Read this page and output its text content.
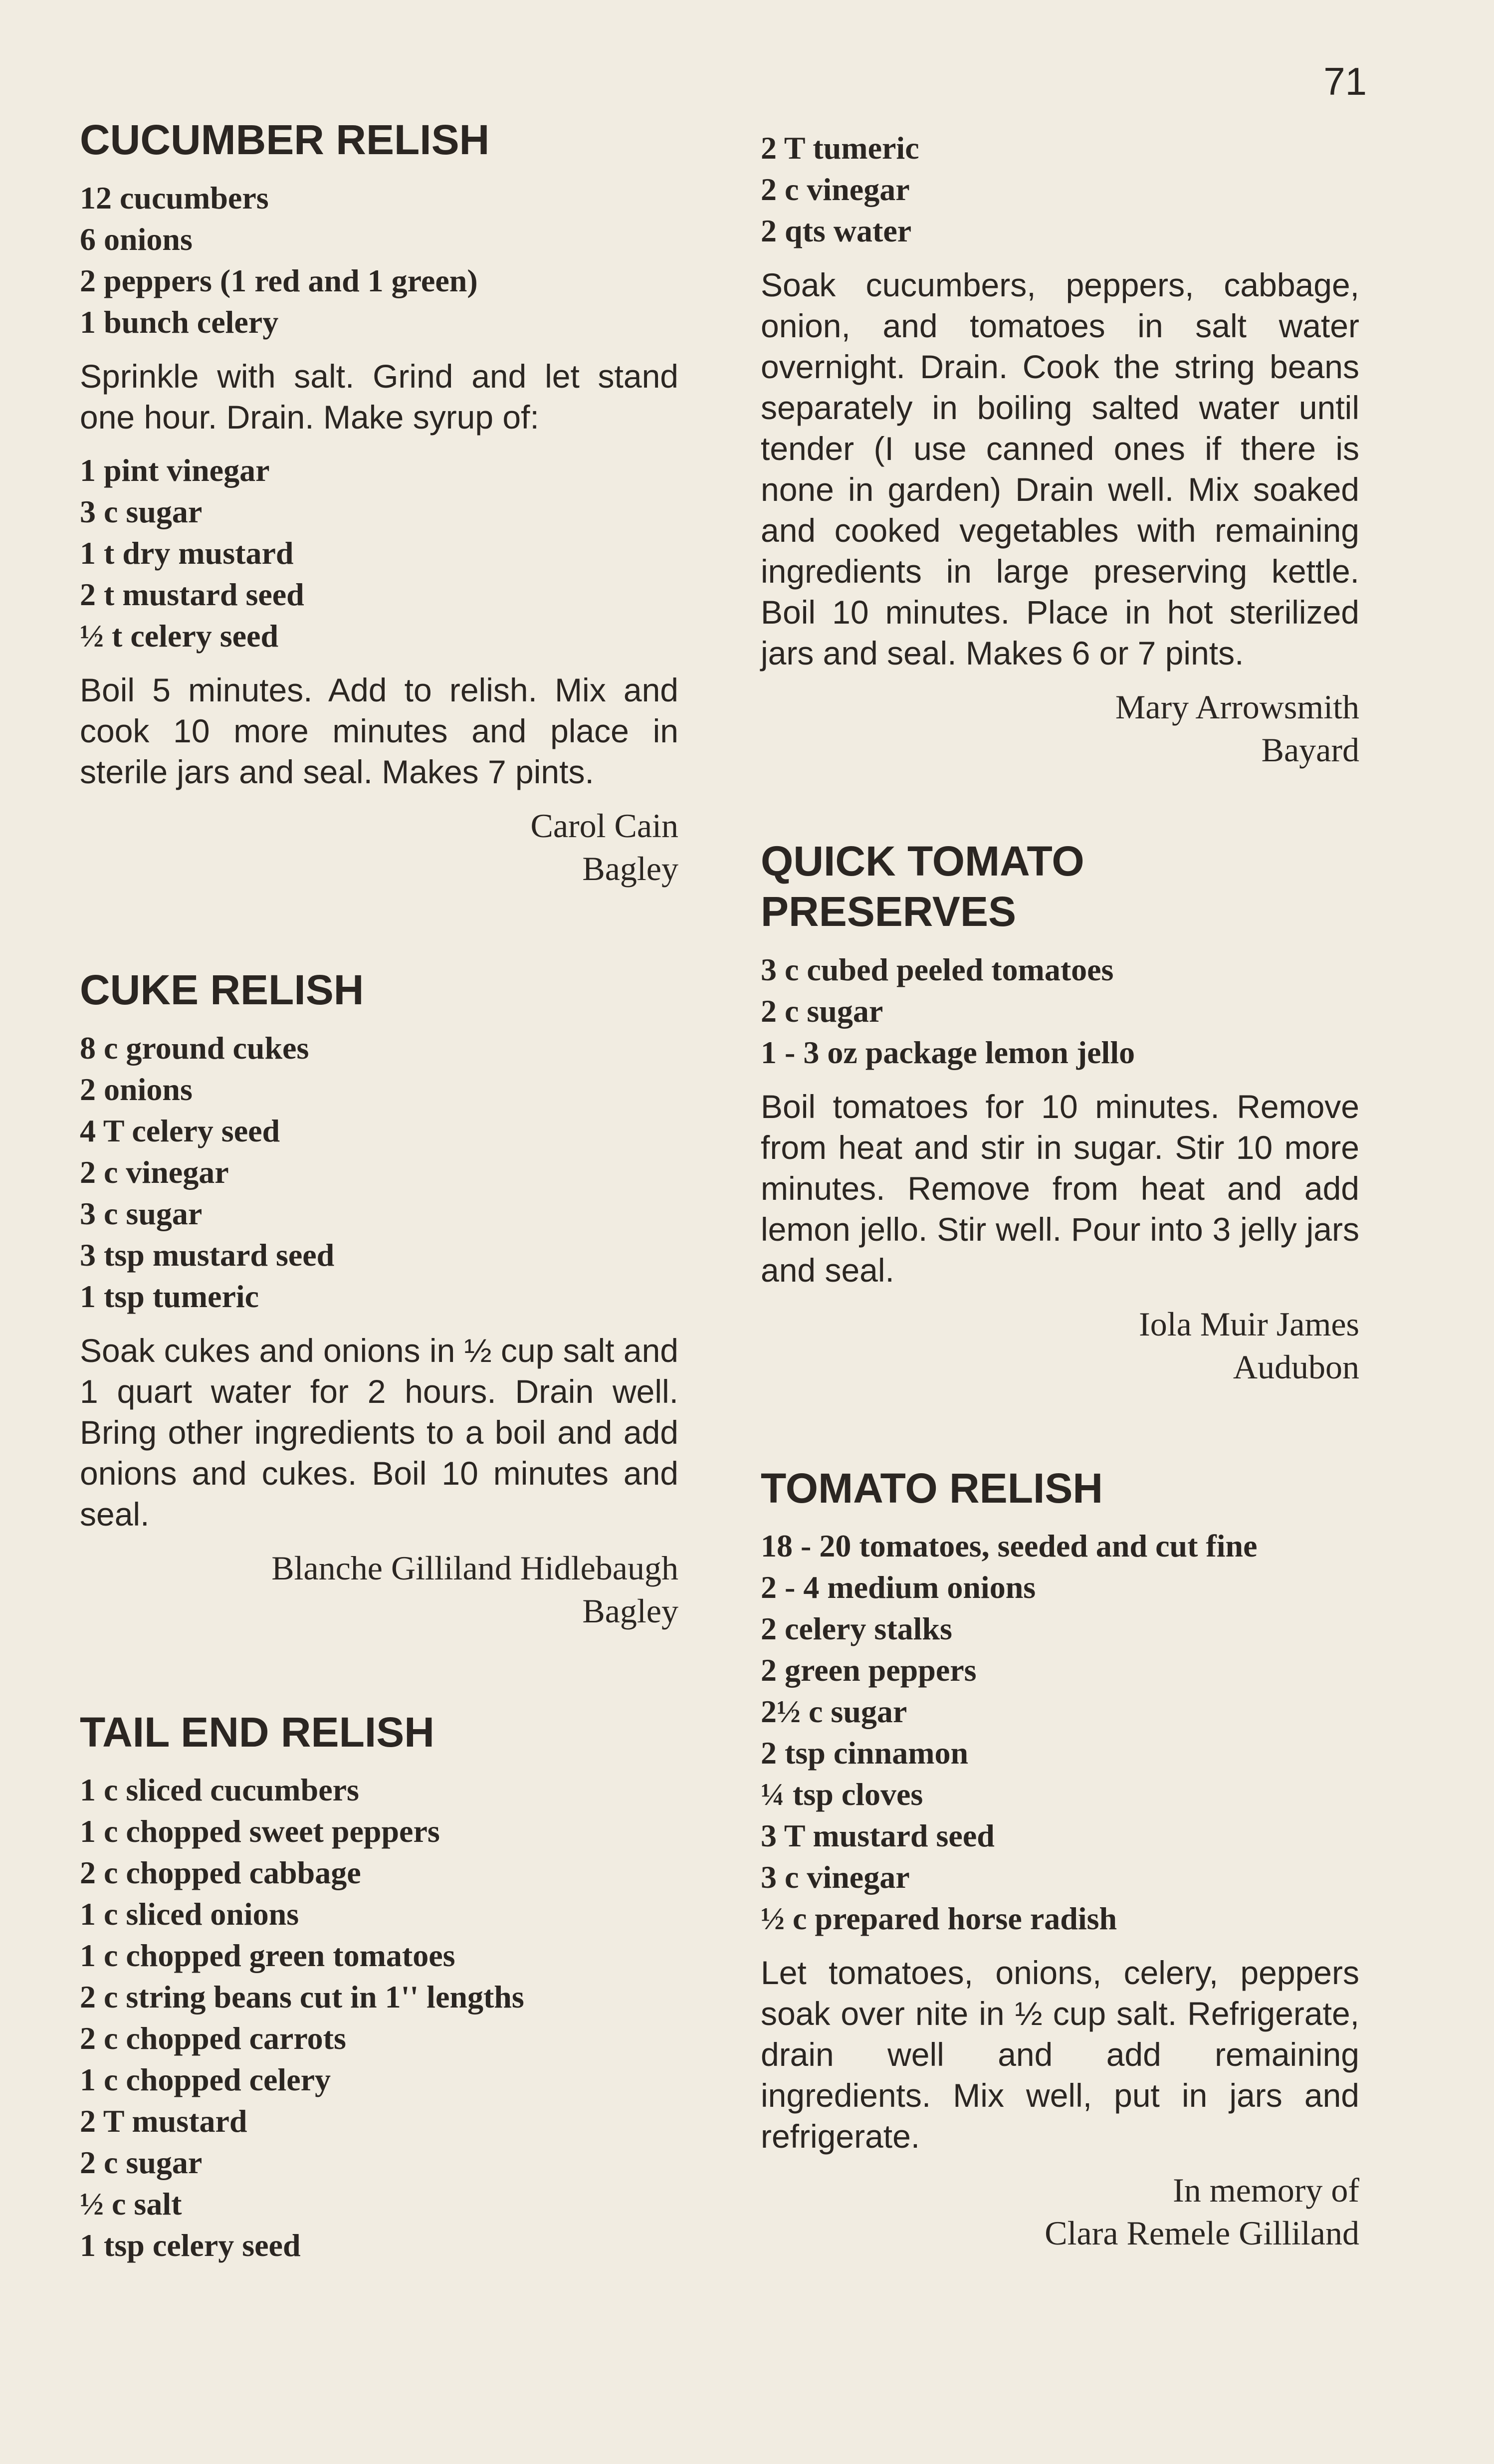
71
CUCUMBER RELISH
12 cucumbers
6 onions
2 peppers (1 red and 1 green)
1 bunch celery

Sprinkle with salt. Grind and let stand one hour. Drain. Make syrup of:

1 pint vinegar
3 c sugar
1 t dry mustard
2 t mustard seed
½ t celery seed

Boil 5 minutes. Add to relish. Mix and cook 10 more minutes and place in sterile jars and seal. Makes 7 pints.

Carol Cain
Bagley
CUKE RELISH
8 c ground cukes
2 onions
4 T celery seed
2 c vinegar
3 c sugar
3 tsp mustard seed
1 tsp tumeric

Soak cukes and onions in ½ cup salt and 1 quart water for 2 hours. Drain well. Bring other ingredients to a boil and add onions and cukes. Boil 10 minutes and seal.

Blanche Gilliland Hidlebaugh
Bagley
TAIL END RELISH
1 c sliced cucumbers
1 c chopped sweet peppers
2 c chopped cabbage
1 c sliced onions
1 c chopped green tomatoes
2 c string beans cut in 1'' lengths
2 c chopped carrots
1 c chopped celery
2 T mustard
2 c sugar
½ c salt
1 tsp celery seed
2 T tumeric
2 c vinegar
2 qts water

Soak cucumbers, peppers, cabbage, onion, and tomatoes in salt water overnight. Drain. Cook the string beans separately in boiling salted water until tender (I use canned ones if there is none in garden) Drain well. Mix soaked and cooked vegetables with remaining ingredients in large preserving kettle. Boil 10 minutes. Place in hot sterilized jars and seal. Makes 6 or 7 pints.

Mary Arrowsmith
Bayard
QUICK TOMATO PRESERVES
3 c cubed peeled tomatoes
2 c sugar
1 - 3 oz package lemon jello

Boil tomatoes for 10 minutes. Remove from heat and stir in sugar. Stir 10 more minutes. Remove from heat and add lemon jello. Stir well. Pour into 3 jelly jars and seal.

Iola Muir James
Audubon
TOMATO RELISH
18 - 20 tomatoes, seeded and cut fine
2 - 4 medium onions
2 celery stalks
2 green peppers
2½ c sugar
2 tsp cinnamon
¼ tsp cloves
3 T mustard seed
3 c vinegar
½ c prepared horse radish

Let tomatoes, onions, celery, peppers soak over nite in ½ cup salt. Refrigerate, drain well and add remaining ingredients. Mix well, put in jars and refrigerate.

In memory of
Clara Remele Gilliland
